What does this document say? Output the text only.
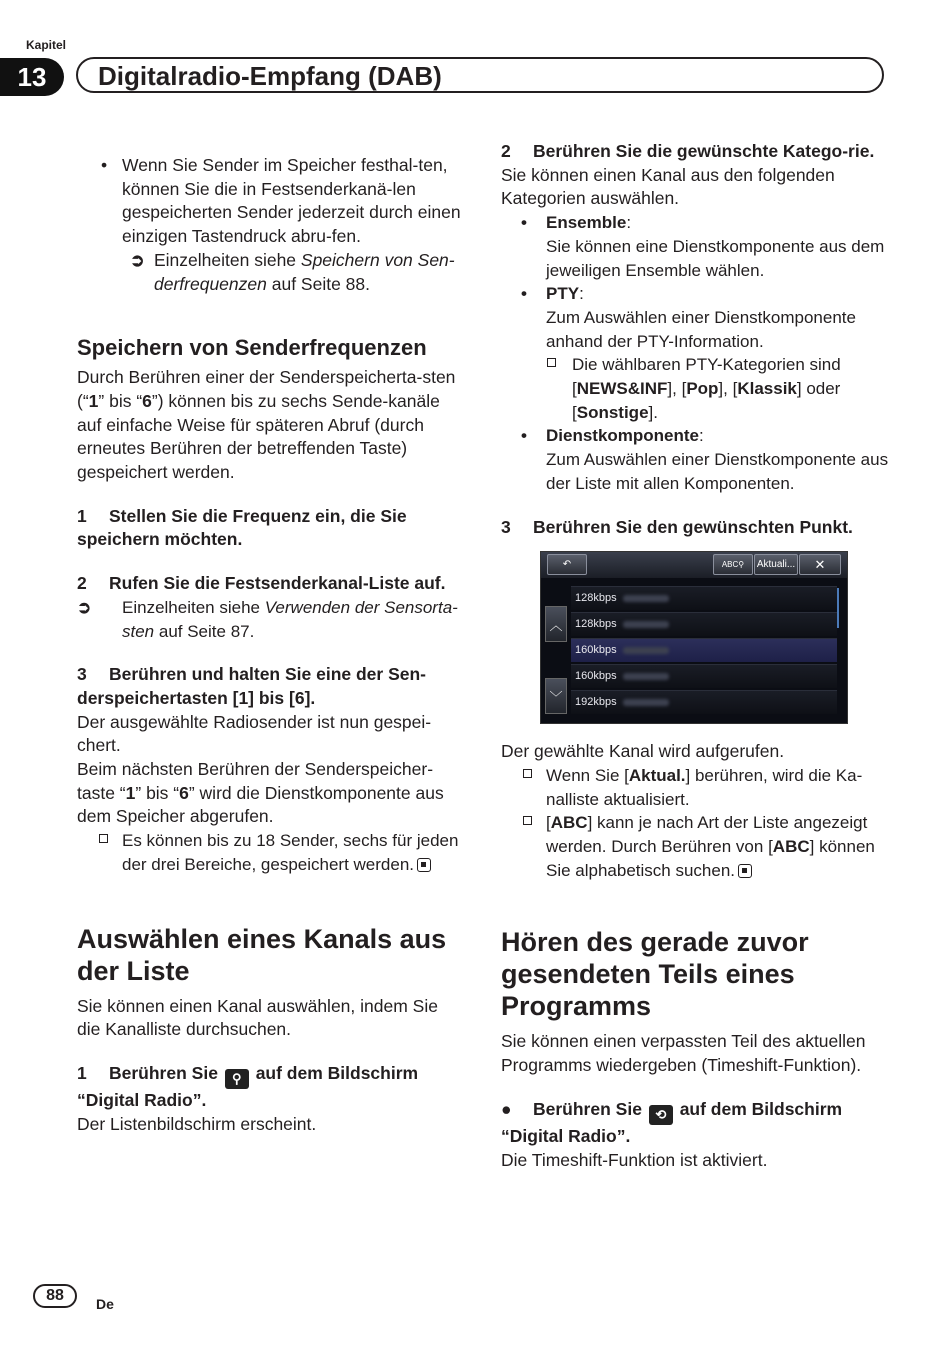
Kapitel
13	Digitalradio-Empfang (DAB)
• Wenn Sie Sender im Speicher festhal-ten, können Sie die in Festsenderkanä-len gespeicherten Sender jederzeit durch einen einzigen Tastendruck abru-fen.
➲ Einzelheiten siehe Speichern von Sen-derfrequenzen auf Seite 88.
Speichern von Senderfrequenzen

Durch Berühren einer der Senderspeicherta-sten (“1” bis “6”) können bis zu sechs Sende-kanäle auf einfache Weise für späteren Abruf (durch erneutes Berühren der betreffenden Taste) gespeichert werden.

1 Stellen Sie die Frequenz ein, die Sie speichern möchten.

2 Rufen Sie die Festsenderkanal-Liste auf.

➲ Einzelheiten siehe Verwenden der Sensorta-sten auf Seite 87.

3 Berühren und halten Sie eine der Sen-derspeichertasten [1] bis [6].

Der ausgewählte Radiosender ist nun gespei-chert.

Beim nächsten Berühren der Senderspeicher-taste “1” bis “6” wird die Dienstkomponente aus dem Speicher abgerufen.

Es können bis zu 18 Sender, sechs für jeden der drei Bereiche, gespeichert werden.
Auswählen eines Kanals aus der Liste

Sie können einen Kanal auswählen, indem Sie die Kanalliste durchsuchen.

1 Berühren Sie ⚲ auf dem Bildschirm “Digital Radio”.

Der Listenbildschirm erscheint.

2 Berühren Sie die gewünschte Katego-rie.

Sie können einen Kanal aus den folgenden Kategorien auswählen.

• Ensemble:
Sie können eine Dienstkomponente aus dem jeweiligen Ensemble wählen.
• PTY:
Zum Auswählen einer Dienstkomponente anhand der PTY-Information.
Die wählbaren PTY-Kategorien sind [NEWS&INF], [Pop], [Klassik] oder [Sonstige].
• Dienstkomponente:
Zum Auswählen einer Dienstkomponente aus der Liste mit allen Komponenten.

3 Berühren Sie den gewünschten Punkt.

↶	ABC ⚲	Aktuali... ✕
︿
﹀
128kbps
128kbps
160kbps
160kbps
192kbps

Der gewählte Kanal wird aufgerufen.

Wenn Sie [Aktual.] berühren, wird die Ka-nalliste aktualisiert.
[ABC] kann je nach Art der Liste angezeigt werden. Durch Berühren von [ABC] können Sie alphabetisch suchen.
Hören des gerade zuvor gesendeten Teils eines Programms

Sie können einen verpassten Teil des aktuellen Programms wiedergeben (Timeshift-Funktion).

● Berühren Sie ⟲ auf dem Bildschirm “Digital Radio”.

Die Timeshift-Funktion ist aktiviert.

88	De
